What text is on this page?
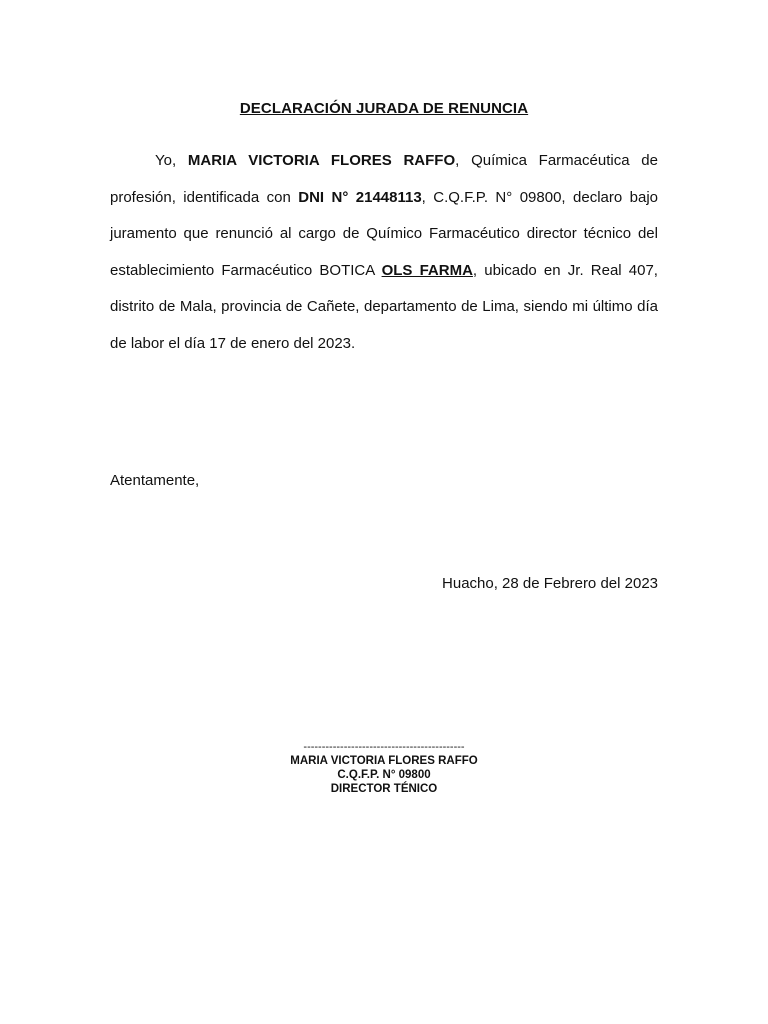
DECLARACIÓN JURADA DE RENUNCIA

Yo, MARIA VICTORIA FLORES RAFFO, Química Farmacéutica de profesión, identificada con DNI N° 21448113, C.Q.F.P. N° 09800, declaro bajo juramento que renunció al cargo de Químico Farmacéutico director técnico del establecimiento Farmacéutico BOTICA OLS FARMA, ubicado en Jr. Real 407, distrito de Mala, provincia de Cañete, departamento de Lima, siendo mi último día de labor el día 17 de enero del 2023.

Atentamente,
Huacho, 28 de Febrero del 2023
--------------------------------------------
MARIA VICTORIA FLORES RAFFO
C.Q.F.P. N° 09800
DIRECTOR TÉNICO
